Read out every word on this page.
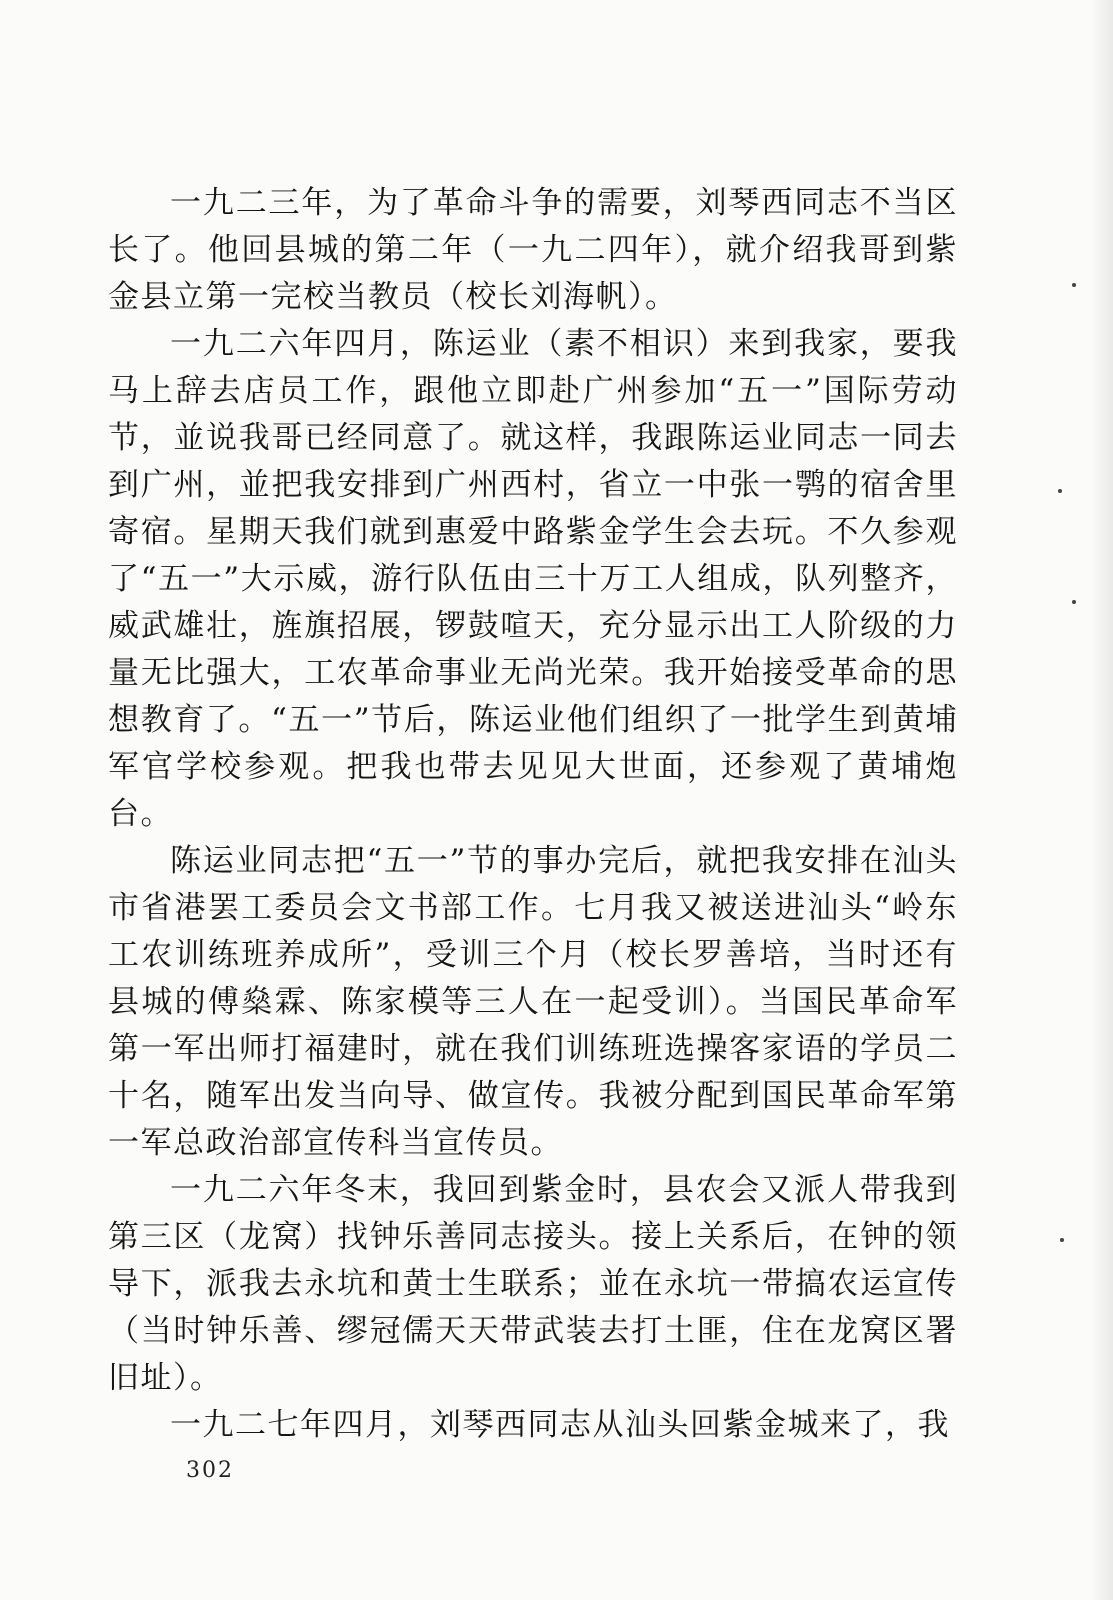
一九二三年，为了革命斗争的需要，刘琴西同志不当区长了。他回县城的第二年（一九二四年），就介绍我哥到紫金县立第一完校当教员（校长刘海帆）。

一九二六年四月，陈运业（素不相识）来到我家，要我马上辞去店员工作，跟他立即赴广州参加“五一”国际劳动节，並说我哥已经同意了。就这样，我跟陈运业同志一同去到广州，並把我安排到广州西村，省立一中张一鹗的宿舍里寄宿。星期天我们就到惠爱中路紫金学生会去玩。不久参观了“五一”大示威，游行队伍由三十万工人组成，队列整齐，威武雄壮，旌旗招展，锣鼓喧天，充分显示出工人阶级的力量无比强大，工农革命事业无尚光荣。我开始接受革命的思想教育了。“五一”节后，陈运业他们组织了一批学生到黄埔军官学校参观。把我也带去见见大世面，还参观了黄埔炮台。

陈运业同志把“五一”节的事办完后，就把我安排在汕头市省港罢工委员会文书部工作。七月我又被送进汕头“岭东工农训练班养成所”，受训三个月（校长罗善培，当时还有县城的傅燊霖、陈家模等三人在一起受训）。当国民革命军第一军出师打福建时，就在我们训练班选操客家语的学员二十名，随军出发当向导、做宣传。我被分配到国民革命军第一军总政治部宣传科当宣传员。

一九二六年冬末，我回到紫金时，县农会又派人带我到第三区（龙窝）找钟乐善同志接头。接上关系后，在钟的领导下，派我去永坑和黄士生联系；並在永坑一带搞农运宣传（当时钟乐善、缪冠儒天天带武装去打土匪，住在龙窝区署旧址）。

一九二七年四月，刘琴西同志从汕头回紫金城来了，我

302
